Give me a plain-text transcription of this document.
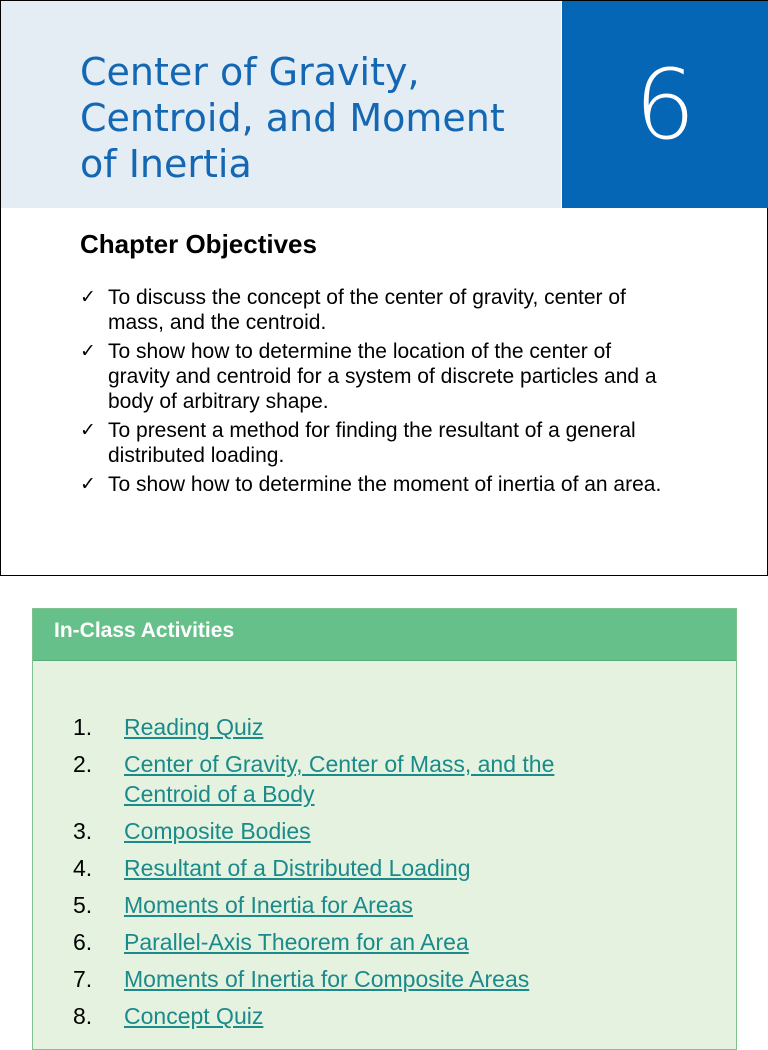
Center of Gravity,
Centroid, and Moment
of Inertia
6
Chapter Objectives
✓ To discuss the concept of the center of gravity, center of
mass, and the centroid.
✓ To show how to determine the location of the center of
gravity and centroid for a system of discrete particles and a
body of arbitrary shape.
✓ To present a method for finding the resultant of a general
distributed loading.
✓ To show how to determine the moment of inertia of an area.
In-Class Activities
1. Reading Quiz
2. Center of Gravity, Center of Mass, and the
Centroid of a Body
3. Composite Bodies
4. Resultant of a Distributed Loading
5. Moments of Inertia for Areas
6. Parallel-Axis Theorem for an Area
7. Moments of Inertia for Composite Areas
8. Concept Quiz
